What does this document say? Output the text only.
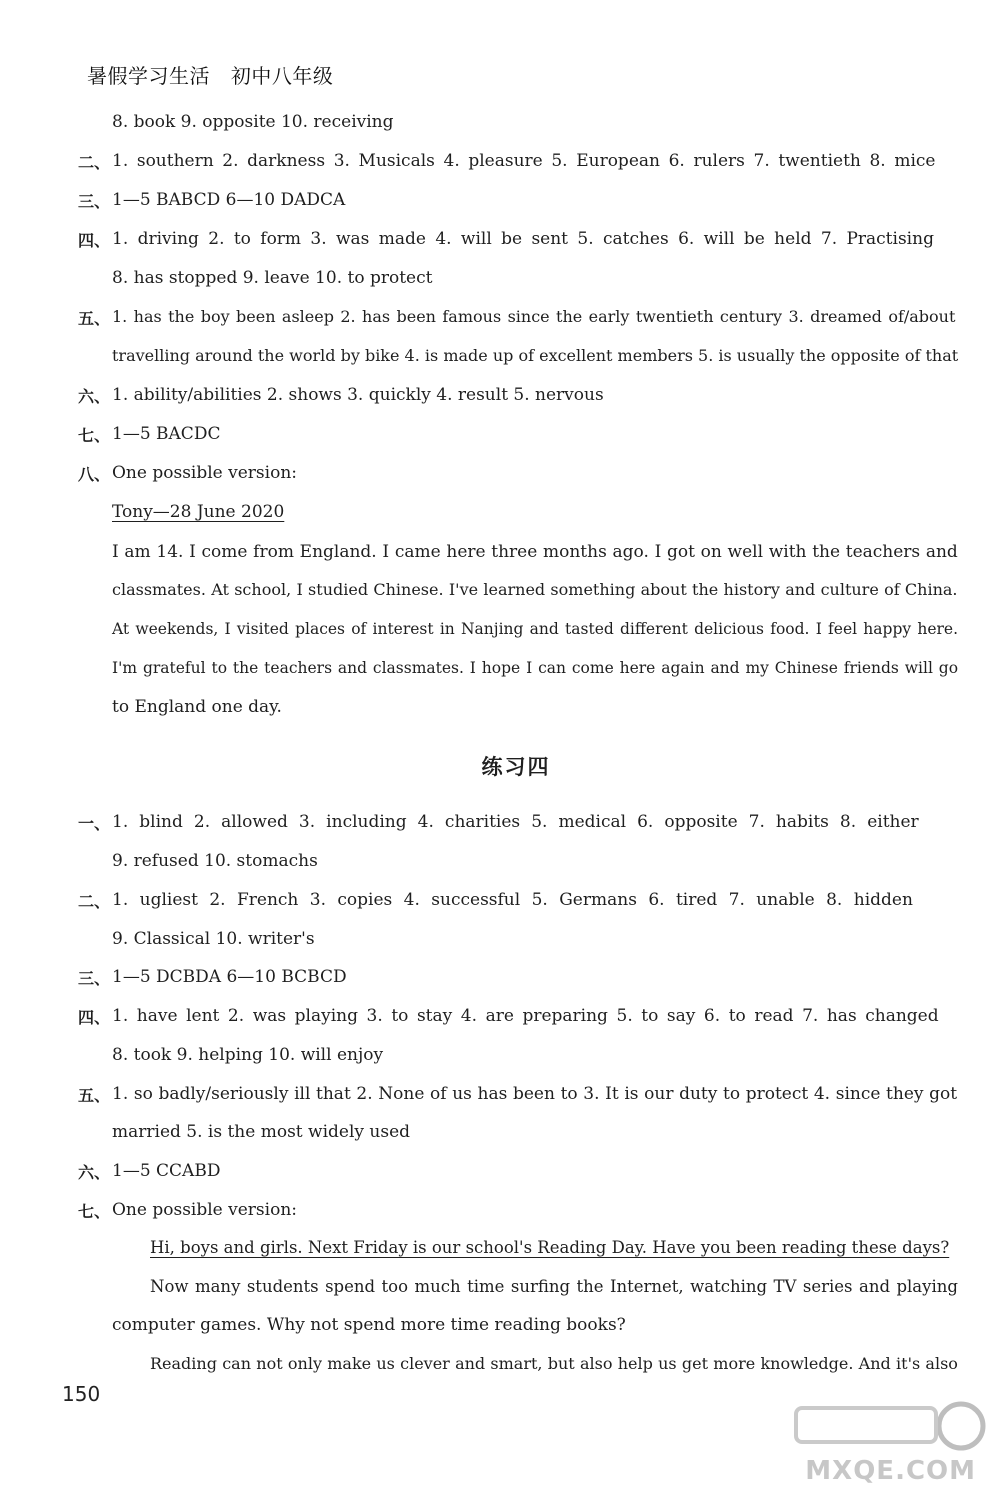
暑假学习生活 初中八年级
8. book 9. opposite 10. receiving
二、 1. southern 2. darkness 3. Musicals 4. pleasure 5. European 6. rulers 7. twentieth 8. mice
三、 1—5 BABCD 6—10 DADCA
四、 1. driving 2. to form 3. was made 4. will be sent 5. catches 6. will be held 7. Practising
8. has stopped 9. leave 10. to protect
五、 1. has the boy been asleep 2. has been famous since the early twentieth century 3. dreamed of/about
travelling around the world by bike 4. is made up of excellent members 5. is usually the opposite of that
六、 1. ability/abilities 2. shows 3. quickly 4. result 5. nervous
七、 1—5 BACDC
八、 One possible version:
Tony—28 June 2020
I am 14. I come from England. I came here three months ago. I got on well with the teachers and
classmates. At school, I studied Chinese. I've learned something about the history and culture of China.
At weekends, I visited places of interest in Nanjing and tasted different delicious food. I feel happy here.
I'm grateful to the teachers and classmates. I hope I can come here again and my Chinese friends will go
to England one day.
一、 1. blind 2. allowed 3. including 4. charities 5. medical 6. opposite 7. habits 8. either
9. refused 10. stomachs
二、 1. ugliest 2. French 3. copies 4. successful 5. Germans 6. tired 7. unable 8. hidden
9. Classical 10. writer's
三、 1—5 DCBDA 6—10 BCBCD
四、 1. have lent 2. was playing 3. to stay 4. are preparing 5. to say 6. to read 7. has changed
8. took 9. helping 10. will enjoy
五、 1. so badly/seriously ill that 2. None of us has been to 3. It is our duty to protect 4. since they got
married 5. is the most widely used
六、 1—5 CCABD
七、 One possible version:
Hi, boys and girls. Next Friday is our school's Reading Day. Have you been reading these days?
Now many students spend too much time surfing the Internet, watching TV series and playing
computer games. Why not spend more time reading books?
Reading can not only make us clever and smart, but also help us get more knowledge. And it's also
练习四
150
MXQE.COM
